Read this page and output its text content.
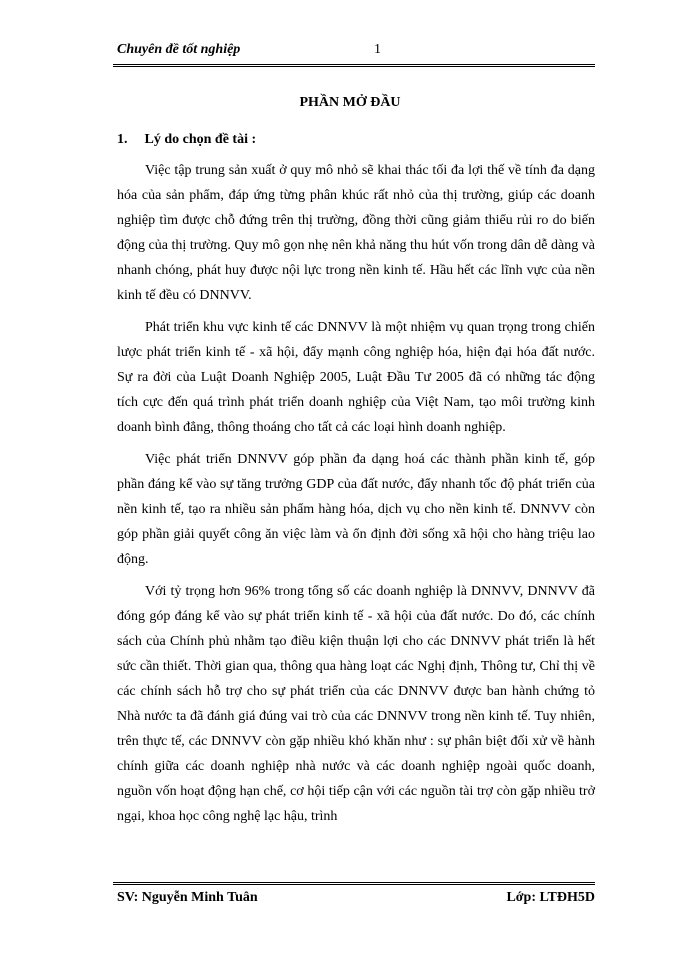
Chuyên đề tốt nghiệp	1
PHẦN MỞ ĐẦU
1. Lý do chọn đề tài :

Việc tập trung sản xuất ở quy mô nhỏ sẽ khai thác tối đa lợi thế về tính đa dạng hóa của sản phẩm, đáp ứng từng phân khúc rất nhỏ của thị trường, giúp các doanh nghiệp tìm được chỗ đứng trên thị trường, đồng thời cũng giảm thiểu rủi ro do biến động của thị trường. Quy mô gọn nhẹ nên khả năng thu hút vốn trong dân dễ dàng và nhanh chóng, phát huy được nội lực trong nền kinh tế. Hầu hết các lĩnh vực của nền kinh tế đều có DNNVV.

Phát triển khu vực kinh tế các DNNVV là một nhiệm vụ quan trọng trong chiến lược phát triển kinh tế - xã hội, đẩy mạnh công nghiệp hóa, hiện đại hóa đất nước. Sự ra đời của Luật Doanh Nghiệp 2005, Luật Đầu Tư 2005 đã có những tác động tích cực đến quá trình phát triển doanh nghiệp của Việt Nam, tạo môi trường kinh doanh bình đẳng, thông thoáng cho tất cả các loại hình doanh nghiệp.

Việc phát triển DNNVV góp phần đa dạng hoá các thành phần kinh tế, góp phần đáng kể vào sự tăng trưởng GDP của đất nước, đẩy nhanh tốc độ phát triển của nền kinh tế, tạo ra nhiều sản phẩm hàng hóa, dịch vụ cho nền kinh tế. DNNVV còn góp phần giải quyết công ăn việc làm và ổn định đời sống xã hội cho hàng triệu lao động.

Với tỷ trọng hơn 96% trong tổng số các doanh nghiệp là DNNVV, DNNVV đã đóng góp đáng kể vào sự phát triển kinh tế - xã hội của đất nước. Do đó, các chính sách của Chính phủ nhằm tạo điều kiện thuận lợi cho các DNNVV phát triển là hết sức cần thiết. Thời gian qua, thông qua hàng loạt các Nghị định, Thông tư, Chỉ thị về các chính sách hỗ trợ cho sự phát triển của các DNNVV được ban hành chứng tỏ Nhà nước ta đã đánh giá đúng vai trò của các DNNVV trong nền kinh tế. Tuy nhiên, trên thực tế, các DNNVV còn gặp nhiều khó khăn như : sự phân biệt đối xử về hành chính giữa các doanh nghiệp nhà nước và các doanh nghiệp ngoài quốc doanh, nguồn vốn hoạt động hạn chế, cơ hội tiếp cận với các nguồn tài trợ còn gặp nhiều trở ngại, khoa học công nghệ lạc hậu, trình

SV: Nguyễn Minh Tuân	Lớp: LTĐH5D
